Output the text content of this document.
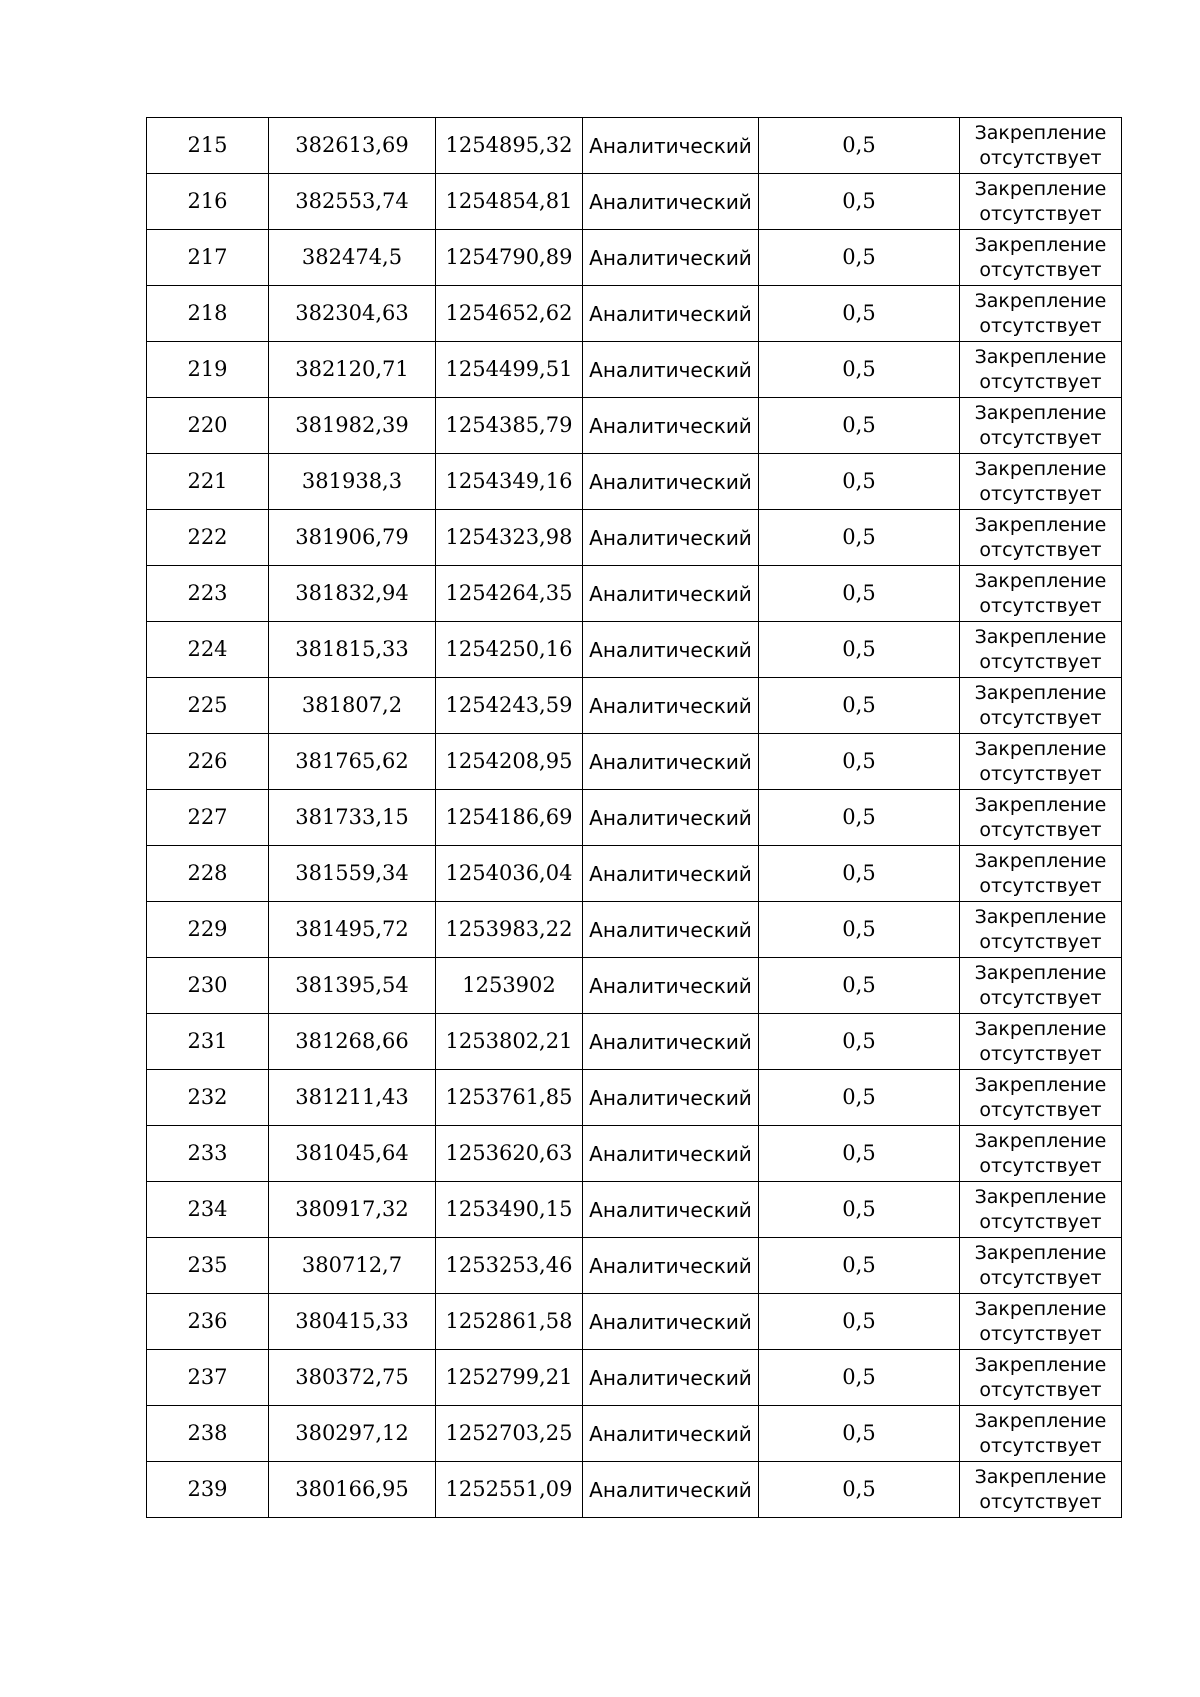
215	382613,69	1254895,32	Аналитический	0,5	Закрепление отсутствует
216	382553,74	1254854,81	Аналитический	0,5	Закрепление отсутствует
217	382474,5	1254790,89	Аналитический	0,5	Закрепление отсутствует
218	382304,63	1254652,62	Аналитический	0,5	Закрепление отсутствует
219	382120,71	1254499,51	Аналитический	0,5	Закрепление отсутствует
220	381982,39	1254385,79	Аналитический	0,5	Закрепление отсутствует
221	381938,3	1254349,16	Аналитический	0,5	Закрепление отсутствует
222	381906,79	1254323,98	Аналитический	0,5	Закрепление отсутствует
223	381832,94	1254264,35	Аналитический	0,5	Закрепление отсутствует
224	381815,33	1254250,16	Аналитический	0,5	Закрепление отсутствует
225	381807,2	1254243,59	Аналитический	0,5	Закрепление отсутствует
226	381765,62	1254208,95	Аналитический	0,5	Закрепление отсутствует
227	381733,15	1254186,69	Аналитический	0,5	Закрепление отсутствует
228	381559,34	1254036,04	Аналитический	0,5	Закрепление отсутствует
229	381495,72	1253983,22	Аналитический	0,5	Закрепление отсутствует
230	381395,54	1253902	Аналитический	0,5	Закрепление отсутствует
231	381268,66	1253802,21	Аналитический	0,5	Закрепление отсутствует
232	381211,43	1253761,85	Аналитический	0,5	Закрепление отсутствует
233	381045,64	1253620,63	Аналитический	0,5	Закрепление отсутствует
234	380917,32	1253490,15	Аналитический	0,5	Закрепление отсутствует
235	380712,7	1253253,46	Аналитический	0,5	Закрепление отсутствует
236	380415,33	1252861,58	Аналитический	0,5	Закрепление отсутствует
237	380372,75	1252799,21	Аналитический	0,5	Закрепление отсутствует
238	380297,12	1252703,25	Аналитический	0,5	Закрепление отсутствует
239	380166,95	1252551,09	Аналитический	0,5	Закрепление отсутствует
